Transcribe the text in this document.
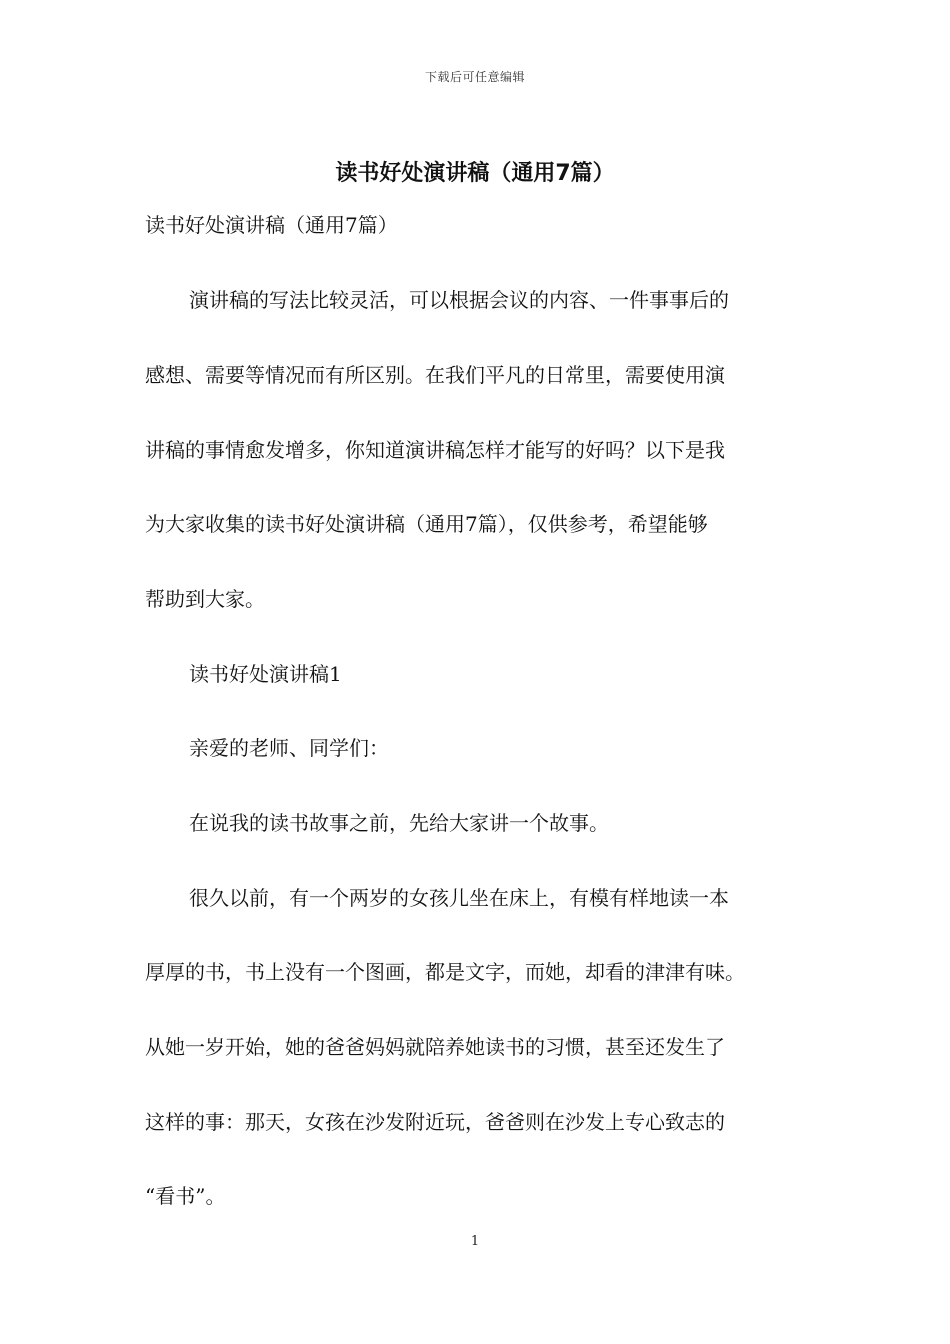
下载后可任意编辑
读书好处演讲稿（通用7篇）
读书好处演讲稿（通用7篇）
演讲稿的写法比较灵活，可以根据会议的内容、一件事事后的
感想、需要等情况而有所区别。在我们平凡的日常里，需要使用演
讲稿的事情愈发增多，你知道演讲稿怎样才能写的好吗？以下是我
为大家收集的读书好处演讲稿（通用7篇），仅供参考，希望能够
帮助到大家。
读书好处演讲稿1
亲爱的老师、同学们：
在说我的读书故事之前，先给大家讲一个故事。
很久以前，有一个两岁的女孩儿坐在床上，有模有样地读一本
厚厚的书，书上没有一个图画，都是文字，而她，却看的津津有味。
从她一岁开始，她的爸爸妈妈就陪养她读书的习惯，甚至还发生了
这样的事：那天，女孩在沙发附近玩，爸爸则在沙发上专心致志的
“看书”。
1
